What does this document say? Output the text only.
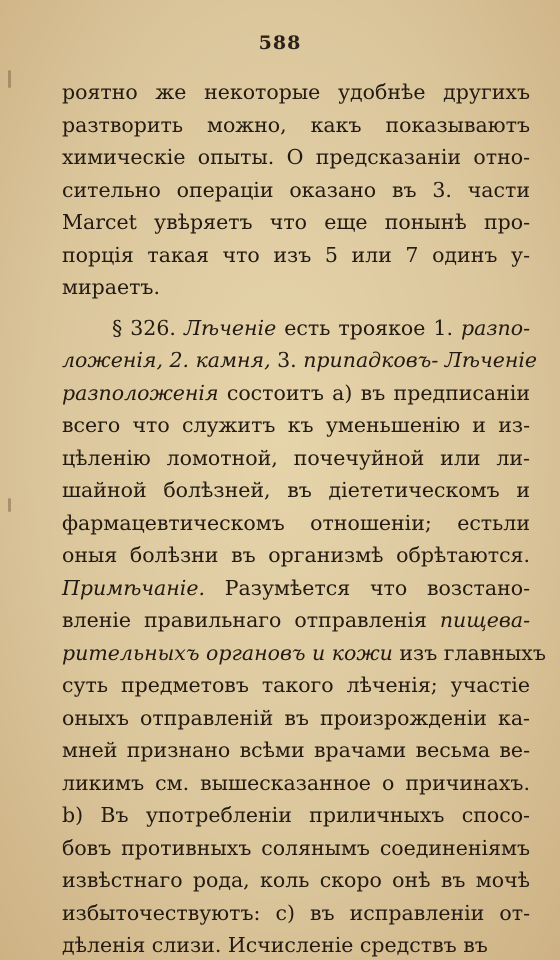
588
роятно же некоторые удобнѣе другихъ
разтворить можно, какъ показываютъ
химическіе опыты. О предсказаніи отно-
сительно операціи оказано въ 3. части
Marcet увѣряетъ что еще понынѣ про-
порція такая что изъ 5 или 7 одинъ у-
мираетъ.
§ 326. Лѣченіе есть троякое 1. разпо-
ложенія, 2. камня, 3. припадковъ- Лѣченіе
разположенія состоитъ а) въ предписаніи
всего что служитъ къ уменьшенію и из-
цѣленію ломотной, почечуйной или ли-
шайной болѣзней, въ діететическомъ и
фармацевтическомъ отношеніи; естьли
оныя болѣзни въ организмѣ обрѣтаются.
Примѣчаніе. Разумѣется что возстано-
вленіе правильнаго отправленія пищева-
рительныхъ органовъ и кожи изъ главныхъ
суть предметовъ такого лѣченія; участіе
оныхъ отправленій въ произрожденіи ка-
мней признано всѣми врачами весьма ве-
ликимъ см. вышесказанное о причинахъ.
b) Въ употребленіи приличныхъ спосо-
бовъ противныхъ солянымъ соединеніямъ
извѣстнаго рода, коль скоро онѣ въ мочѣ
избыточествуютъ: с) въ исправленіи от-
дѣленія слизи. Исчисленіе средствъ въ
